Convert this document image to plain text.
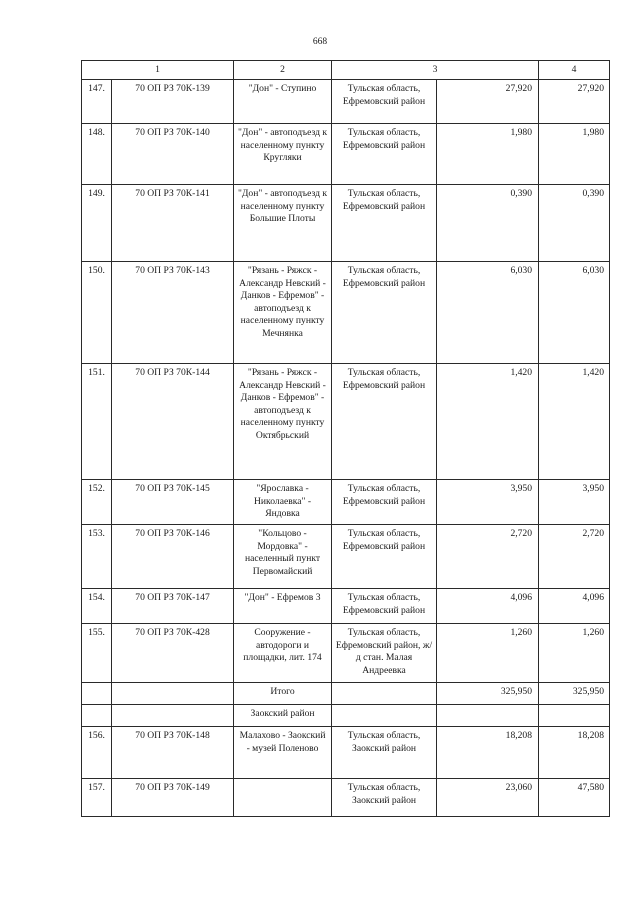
668
1		2	3		4
147.	70 ОП РЗ 70К-139	"Дон" - Ступино	Тульская область, Ефремовский район	27,920	27,920
148.	70 ОП РЗ 70К-140	"Дон" - автоподъезд к населенному пункту Кругляки	Тульская область, Ефремовский район	1,980	1,980
149.	70 ОП РЗ 70К-141	"Дон" - автоподъезд к населенному пункту Большие Плоты	Тульская область, Ефремовский район	0,390	0,390
150.	70 ОП РЗ 70К-143	"Рязань - Ряжск - Александр Невский - Данков - Ефремов" - автоподъезд к населенному пункту Мечнянка	Тульская область, Ефремовский район	6,030	6,030
151.	70 ОП РЗ 70К-144	"Рязань - Ряжск - Александр Невский - Данков - Ефремов" - автоподъезд к населенному пункту Октябрьский	Тульская область, Ефремовский район	1,420	1,420
152.	70 ОП РЗ 70К-145	"Ярославка - Николаевка" - Яндовка	Тульская область, Ефремовский район	3,950	3,950
153.	70 ОП РЗ 70К-146	"Кольцово - Мордовка" - населенный пункт Первомайский	Тульская область, Ефремовский район	2,720	2,720
154.	70 ОП РЗ 70К-147	"Дон" - Ефремов 3	Тульская область, Ефремовский район	4,096	4,096
155.	70 ОП РЗ 70К-428	Сооружение - автодороги и площадки, лит. 174	Тульская область, Ефремовский район, ж/д стан. Малая Андреевка	1,260	1,260
		Итого		325,950	325,950
		Заокский район			
156.	70 ОП РЗ 70К-148	Малахово - Заокский - музей Поленово	Тульская область, Заокский район	18,208	18,208
157.	70 ОП РЗ 70К-149		Тульская область, Заокский район	23,060	47,580
